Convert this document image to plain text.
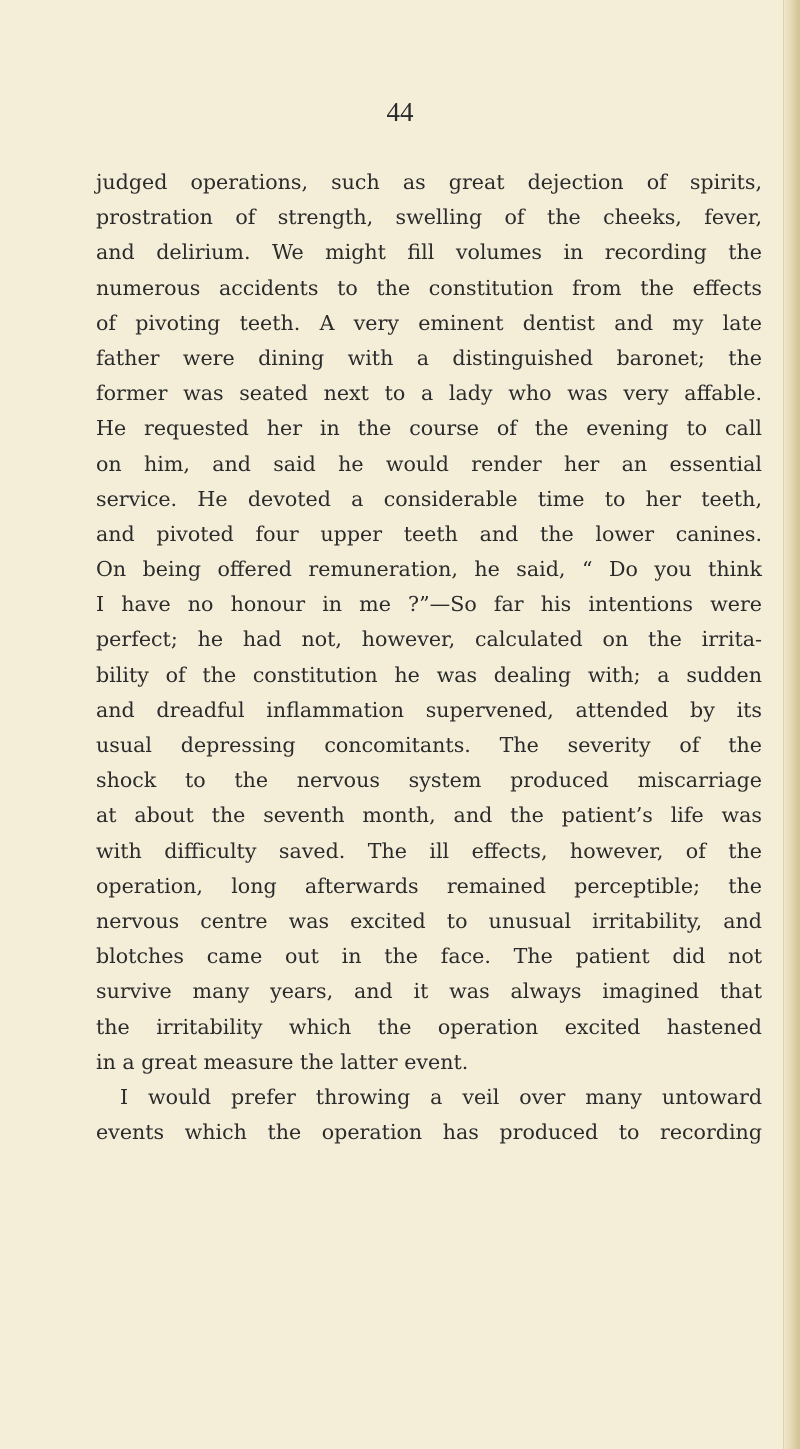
44
judged operations, such as great dejection of spirits,
prostration of strength, swelling of the cheeks, fever,
and delirium. We might fill volumes in recording the
numerous accidents to the constitution from the effects
of pivoting teeth. A very eminent dentist and my late
father were dining with a distinguished baronet; the
former was seated next to a lady who was very affable.
He requested her in the course of the evening to call
on him, and said he would render her an essential
service. He devoted a considerable time to her teeth,
and pivoted four upper teeth and the lower canines.
On being offered remuneration, he said, “ Do you think
I have no honour in me ?”—So far his intentions were
perfect; he had not, however, calculated on the irrita-
bility of the constitution he was dealing with; a sudden
and dreadful inflammation supervened, attended by its
usual depressing concomitants. The severity of the
shock to the nervous system produced miscarriage
at about the seventh month, and the patient’s life was
with difficulty saved. The ill effects, however, of the
operation, long afterwards remained perceptible; the
nervous centre was excited to unusual irritability, and
blotches came out in the face. The patient did not
survive many years, and it was always imagined that
the irritability which the operation excited hastened
in a great measure the latter event.
I would prefer throwing a veil over many untoward
events which the operation has produced to recording
